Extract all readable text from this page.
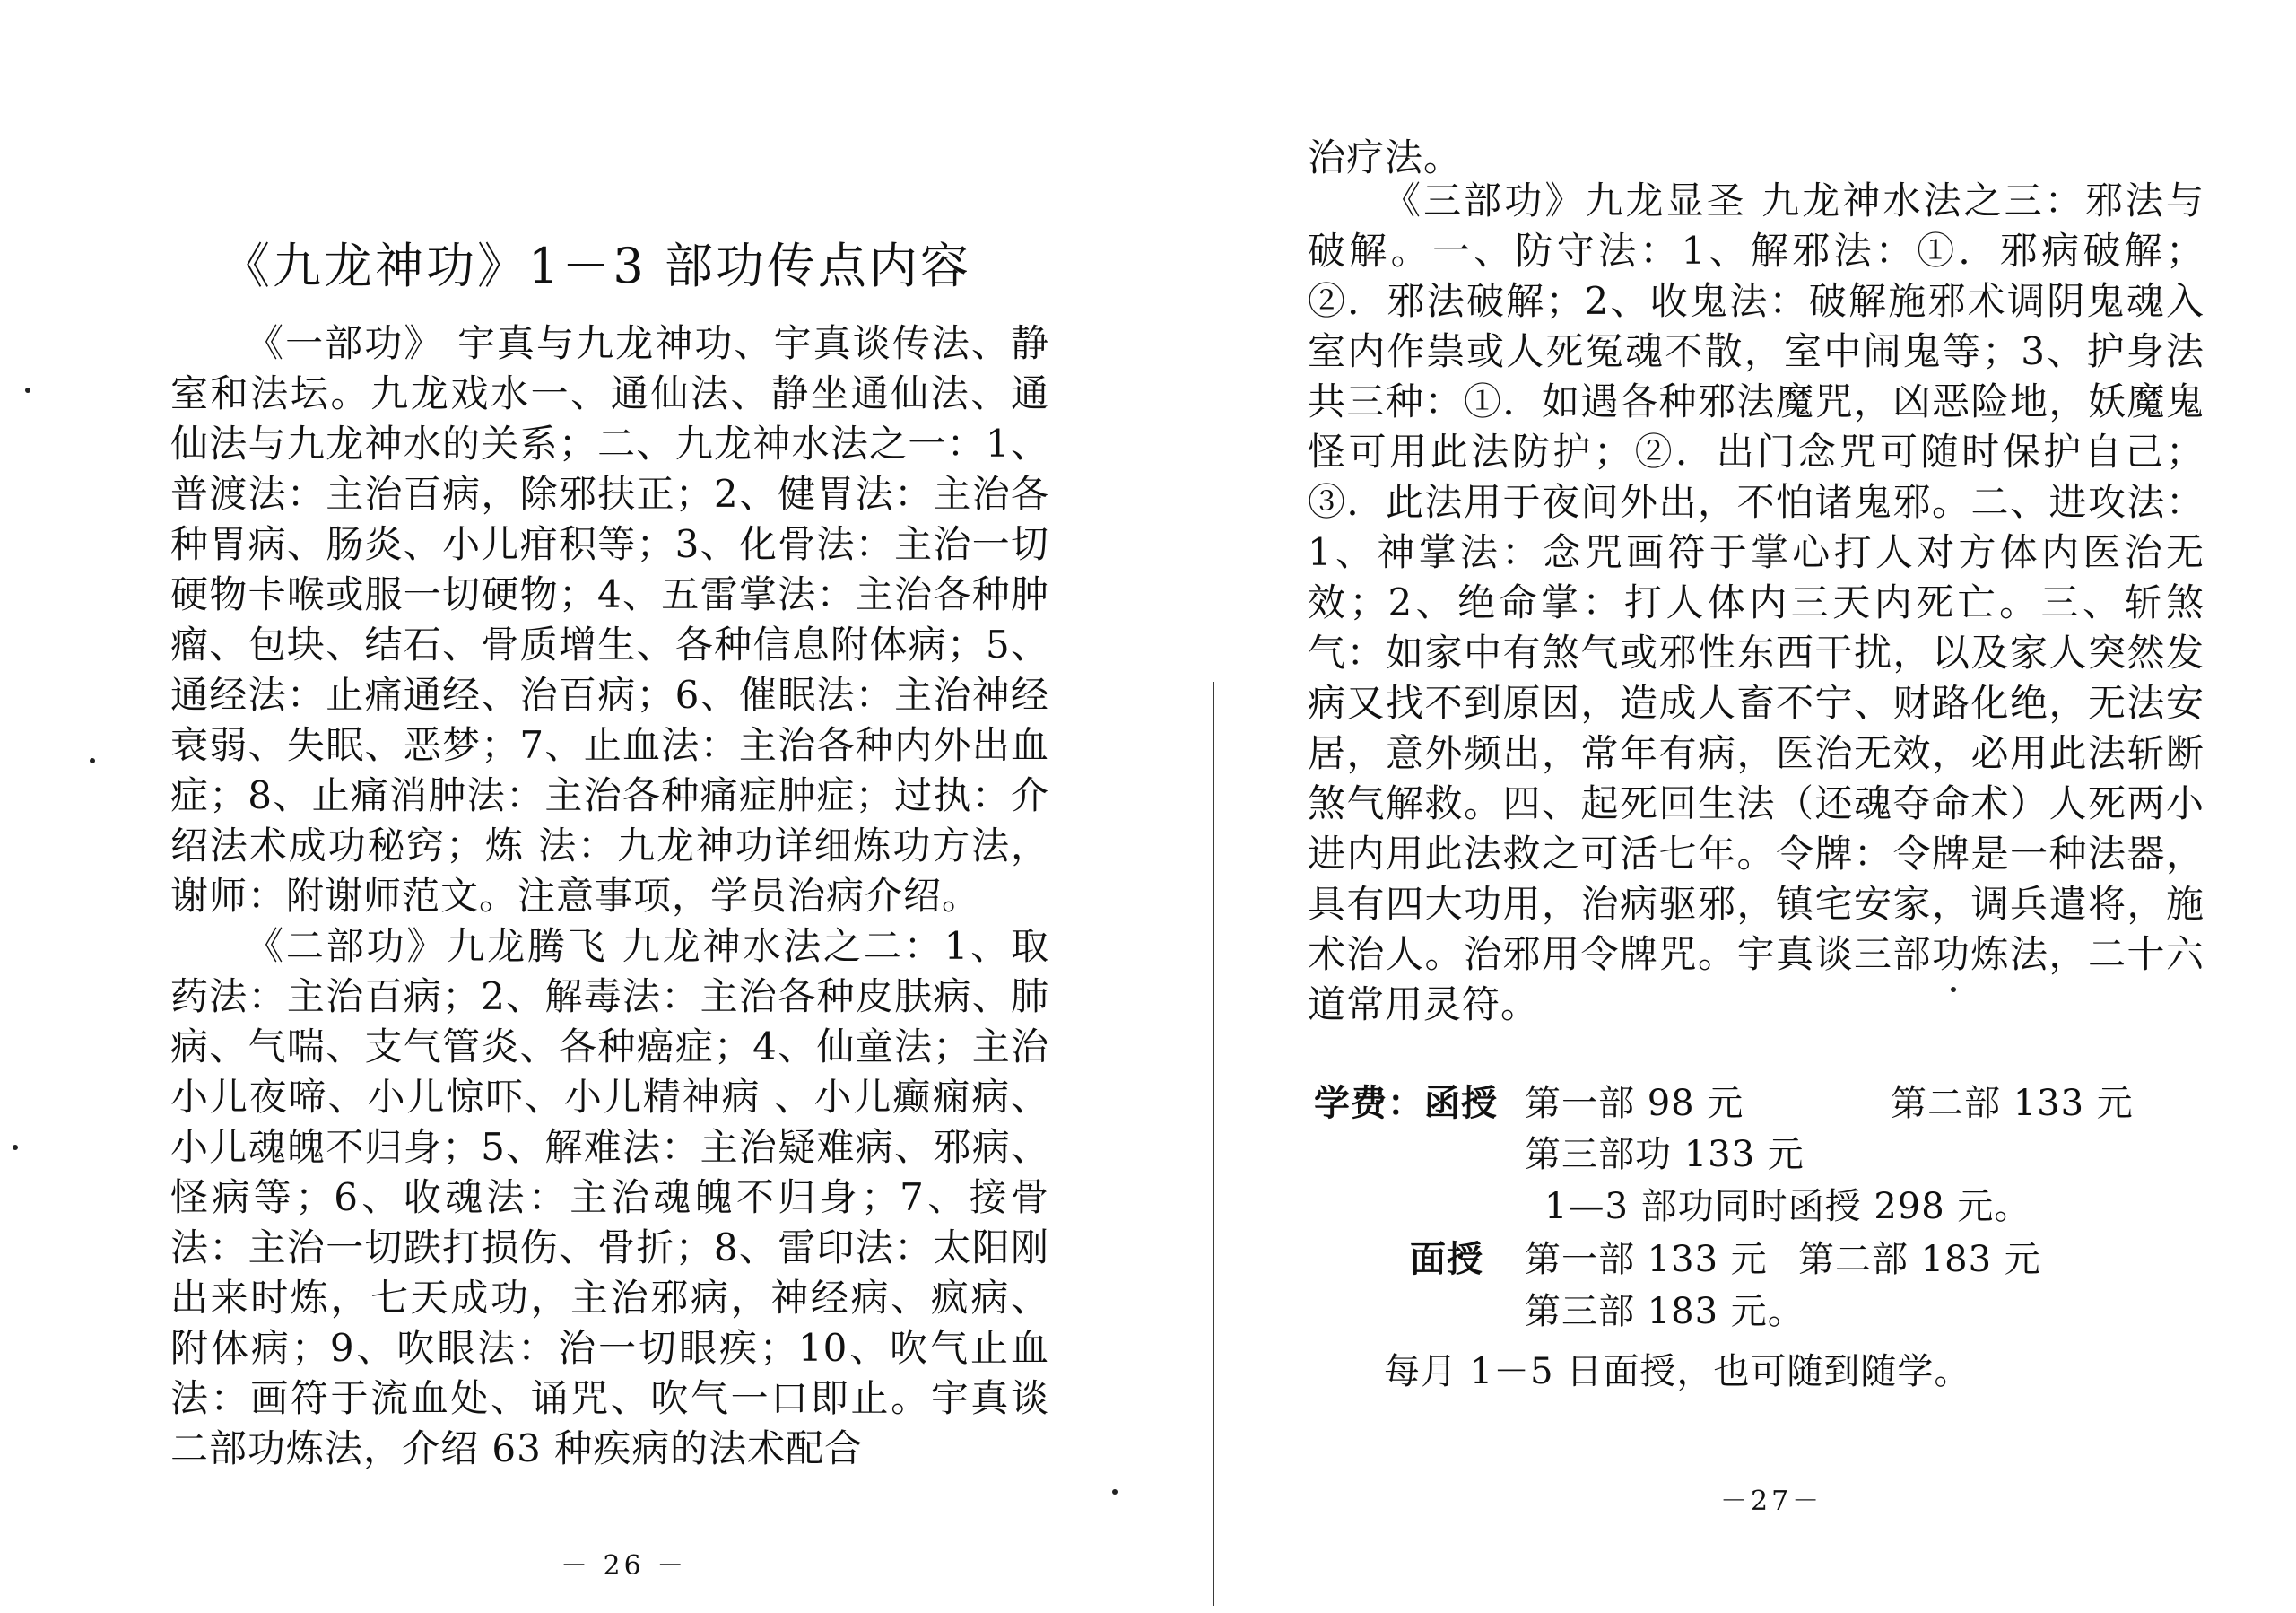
《九龙神功》1－3 部功传点内容

《一部功》 宇真与九龙神功、宇真谈传法、静室和法坛。九龙戏水一、通仙法、静坐通仙法、通仙法与九龙神水的关系；二、九龙神水法之一：1、普渡法：主治百病，除邪扶正；2、健胃法：主治各种胃病、肠炎、小儿疳积等；3、化骨法：主治一切硬物卡喉或服一切硬物；4、五雷掌法：主治各种肿瘤、包块、结石、骨质增生、各种信息附体病；5、通经法：止痛通经、治百病；6、催眠法：主治神经衰弱、失眠、恶梦；7、止血法：主治各种内外出血症；8、止痛消肿法：主治各种痛症肿症；过执：介绍法术成功秘窍；炼 法：九龙神功详细炼功方法，谢师：附谢师范文。注意事项，学员治病介绍。

《二部功》九龙腾飞 九龙神水法之二：1、取药法：主治百病；2、解毒法：主治各种皮肤病、肺病、气喘、支气管炎、各种癌症；4、仙童法；主治小儿夜啼、小儿惊吓、小儿精神病 、小儿癫痫病、小儿魂魄不归身；5、解难法：主治疑难病、邪病、怪病等；6、收魂法：主治魂魄不归身；7、接骨法：主治一切跌打损伤、骨折；8、雷印法：太阳刚出来时炼，七天成功，主治邪病，神经病、疯病、附体病；9、吹眼法：治一切眼疾；10、吹气止血法：画符于流血处、诵咒、吹气一口即止。宇真谈二部功炼法，介绍 63 种疾病的法术配合

－ 26 －

治疗法。

《三部功》九龙显圣 九龙神水法之三：邪法与破解。一、防守法：1、解邪法：①．邪病破解；②．邪法破解；2、收鬼法：破解施邪术调阴鬼魂入室内作祟或人死冤魂不散，室中闹鬼等；3、护身法共三种：①．如遇各种邪法魔咒，凶恶险地，妖魔鬼怪可用此法防护；②．出门念咒可随时保护自己；③．此法用于夜间外出，不怕诸鬼邪。二、进攻法：1、神掌法：念咒画符于掌心打人对方体内医治无效；2、绝命掌：打人体内三天内死亡。三、斩煞气：如家中有煞气或邪性东西干扰，以及家人突然发病又找不到原因，造成人畜不宁、财路化绝，无法安居，意外频出，常年有病，医治无效，必用此法斩断煞气解救。四、起死回生法（还魂夺命术）人死两小进内用此法救之可活七年。令牌：令牌是一种法器，具有四大功用，治病驱邪，镇宅安家，调兵遣将，施术治人。治邪用令牌咒。宇真谈三部功炼法，二十六道常用灵符。

学费：函授 第一部 98 元	第二部 133 元
第三部功 133 元
1—3 部功同时函授 298 元。
面授 第一部 133 元 第二部 183 元
第三部 183 元。
每月 1－5 日面授，也可随到随学。
－27－
